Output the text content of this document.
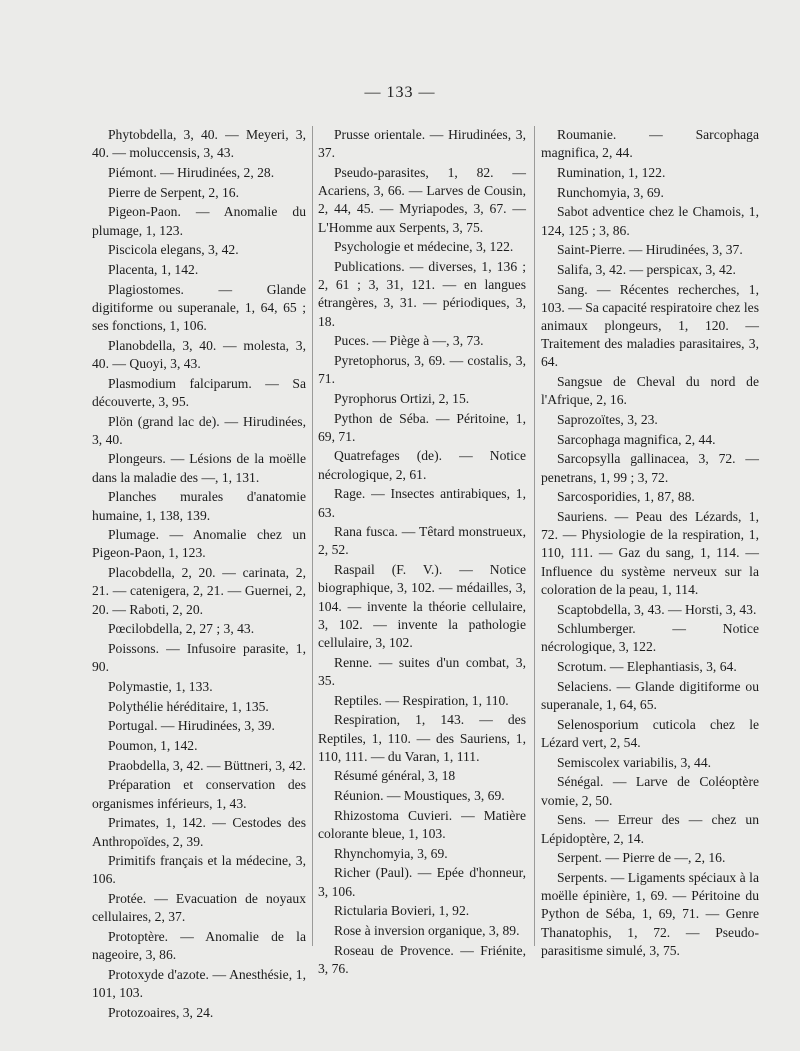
— 133 —

Phytobdella, 3, 40. — Meyeri, 3, 40. — moluccensis, 3, 43.

Piémont. — Hirudinées, 2, 28.

Pierre de Serpent, 2, 16.

Pigeon-Paon. — Anomalie du plumage, 1, 123.

Piscicola elegans, 3, 42.

Placenta, 1, 142.

Plagiostomes. — Glande digitiforme ou superanale, 1, 64, 65 ; ses fonctions, 1, 106.

Planobdella, 3, 40. — molesta, 3, 40. — Quoyi, 3, 43.

Plasmodium falciparum. — Sa découverte, 3, 95.

Plön (grand lac de). — Hirudinées, 3, 40.

Plongeurs. — Lésions de la moëlle dans la maladie des —, 1, 131.

Planches murales d'anatomie humaine, 1, 138, 139.

Plumage. — Anomalie chez un Pigeon-Paon, 1, 123.

Placobdella, 2, 20. — carinata, 2, 21. — catenigera, 2, 21. — Guernei, 2, 20. — Raboti, 2, 20.

Pœcilobdella, 2, 27 ; 3, 43.

Poissons. — Infusoire parasite, 1, 90.

Polymastie, 1, 133.

Polythélie héréditaire, 1, 135.

Portugal. — Hirudinées, 3, 39.

Poumon, 1, 142.

Praobdella, 3, 42. — Büttneri, 3, 42.

Préparation et conservation des organismes inférieurs, 1, 43.

Primates, 1, 142. — Cestodes des Anthropoïdes, 2, 39.

Primitifs français et la médecine, 3, 106.

Protée. — Evacuation de noyaux cellulaires, 2, 37.

Protoptère. — Anomalie de la nageoire, 3, 86.

Protoxyde d'azote. — Anesthésie, 1, 101, 103.

Protozoaires, 3, 24.

Prusse orientale. — Hirudinées, 3, 37.

Pseudo-parasites, 1, 82. — Acariens, 3, 66. — Larves de Cousin, 2, 44, 45. — Myriapodes, 3, 67. — L'Homme aux Serpents, 3, 75.

Psychologie et médecine, 3, 122.

Publications. — diverses, 1, 136 ; 2, 61 ; 3, 31, 121. — en langues étrangères, 3, 31. — périodiques, 3, 18.

Puces. — Piège à —, 3, 73.

Pyretophorus, 3, 69. — costalis, 3, 71.

Pyrophorus Ortizi, 2, 15.

Python de Séba. — Péritoine, 1, 69, 71.

Quatrefages (de). — Notice nécrologique, 2, 61.

Rage. — Insectes antirabiques, 1, 63.

Rana fusca. — Têtard monstrueux, 2, 52.

Raspail (F. V.). — Notice biographique, 3, 102. — médailles, 3, 104. — invente la théorie cellulaire, 3, 102. — invente la pathologie cellulaire, 3, 102.

Renne. — suites d'un combat, 3, 35.

Reptiles. — Respiration, 1, 110.

Respiration, 1, 143. — des Reptiles, 1, 110. — des Sauriens, 1, 110, 111. — du Varan, 1, 111.

Résumé général, 3, 18

Réunion. — Moustiques, 3, 69.

Rhizostoma Cuvieri. — Matière colorante bleue, 1, 103.

Rhynchomyia, 3, 69.

Richer (Paul). — Epée d'honneur, 3, 106.

Rictularia Bovieri, 1, 92.

Rose à inversion organique, 3, 89.

Roseau de Provence. — Friénite, 3, 76.

Roumanie. — Sarcophaga magnifica, 2, 44.

Rumination, 1, 122.

Runchomyia, 3, 69.

Sabot adventice chez le Chamois, 1, 124, 125 ; 3, 86.

Saint-Pierre. — Hirudinées, 3, 37.

Salifa, 3, 42. — perspicax, 3, 42.

Sang. — Récentes recherches, 1, 103. — Sa capacité respiratoire chez les animaux plongeurs, 1, 120. — Traitement des maladies parasitaires, 3, 64.

Sangsue de Cheval du nord de l'Afrique, 2, 16.

Saprozoïtes, 3, 23.

Sarcophaga magnifica, 2, 44.

Sarcopsylla gallinacea, 3, 72. — penetrans, 1, 99 ; 3, 72.

Sarcosporidies, 1, 87, 88.

Sauriens. — Peau des Lézards, 1, 72. — Physiologie de la respiration, 1, 110, 111. — Gaz du sang, 1, 114. — Influence du système nerveux sur la coloration de la peau, 1, 114.

Scaptobdella, 3, 43. — Horsti, 3, 43.

Schlumberger. — Notice nécrologique, 3, 122.

Scrotum. — Elephantiasis, 3, 64.

Selaciens. — Glande digitiforme ou superanale, 1, 64, 65.

Selenosporium cuticola chez le Lézard vert, 2, 54.

Semiscolex variabilis, 3, 44.

Sénégal. — Larve de Coléoptère vomie, 2, 50.

Sens. — Erreur des — chez un Lépidoptère, 2, 14.

Serpent. — Pierre de —, 2, 16.

Serpents. — Ligaments spéciaux à la moëlle épinière, 1, 69. — Péritoine du Python de Séba, 1, 69, 71. — Genre Thanatophis, 1, 72. — Pseudo-parasitisme simulé, 3, 75.
